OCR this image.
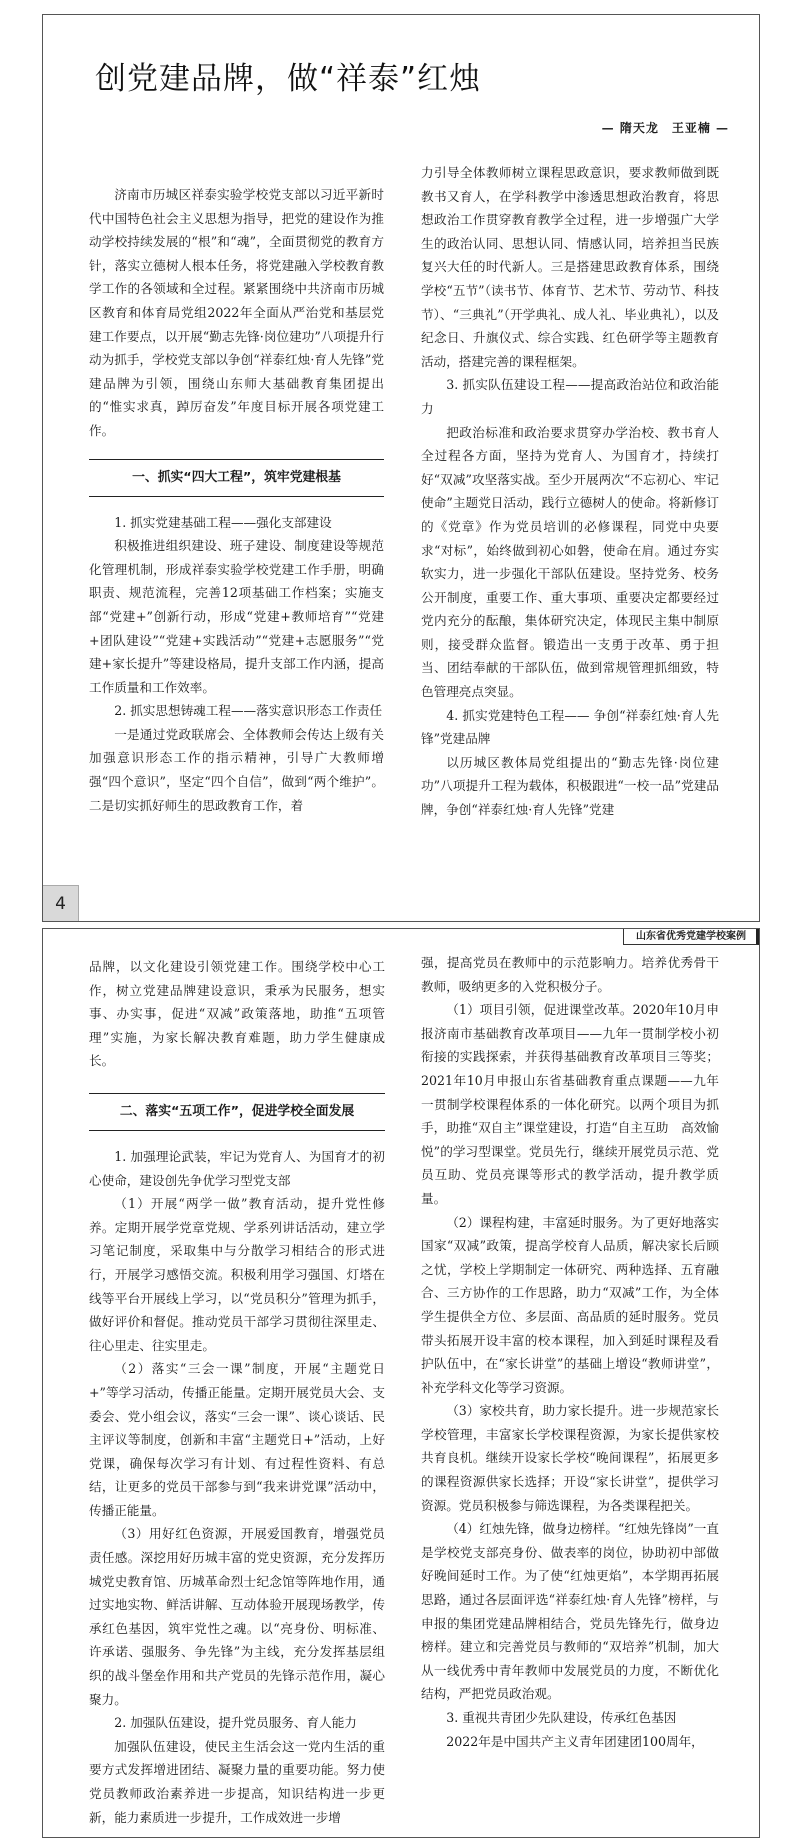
创党建品牌，做“祥泰”红烛
— 隋天龙　王亚楠 —

济南市历城区祥泰实验学校党支部以习近平新时代中国特色社会主义思想为指导，把党的建设作为推动学校持续发展的“根”和“魂”，全面贯彻党的教育方针，落实立德树人根本任务，将党建融入学校教育教学工作的各领域和全过程。紧紧围绕中共济南市历城区教育和体育局党组2022年全面从严治党和基层党建工作要点，以开展“勤志先锋·岗位建功”八项提升行动为抓手，学校党支部以争创“祥泰红烛·育人先锋”党建品牌为引领，围绕山东师大基础教育集团提出的“惟实求真，踔厉奋发”年度目标开展各项党建工作。

一、抓实“四大工程”，筑牢党建根基

1. 抓实党建基础工程——强化支部建设

积极推进组织建设、班子建设、制度建设等规范化管理机制，形成祥泰实验学校党建工作手册，明确职责、规范流程，完善12项基础工作档案；实施支部“党建+”创新行动，形成“党建+教师培育”“党建+团队建设”“党建+实践活动”“党建+志愿服务”“党建+家长提升”等建设格局，提升支部工作内涵，提高工作质量和工作效率。

2. 抓实思想铸魂工程——落实意识形态工作责任

一是通过党政联席会、全体教师会传达上级有关加强意识形态工作的指示精神，引导广大教师增强“四个意识”，坚定“四个自信”，做到“两个维护”。二是切实抓好师生的思政教育工作，着

力引导全体教师树立课程思政意识，要求教师做到既教书又育人，在学科教学中渗透思想政治教育，将思想政治工作贯穿教育教学全过程，进一步增强广大学生的政治认同、思想认同、情感认同，培养担当民族复兴大任的时代新人。三是搭建思政教育体系，围绕学校“五节”（读书节、体育节、艺术节、劳动节、科技节）、“三典礼”（开学典礼、成人礼、毕业典礼），以及纪念日、升旗仪式、综合实践、红色研学等主题教育活动，搭建完善的课程框架。

3. 抓实队伍建设工程——提高政治站位和政治能力

把政治标准和政治要求贯穿办学治校、教书育人全过程各方面，坚持为党育人、为国育才，持续打好“双减”攻坚落实战。至少开展两次“不忘初心、牢记使命”主题党日活动，践行立德树人的使命。将新修订的《党章》作为党员培训的必修课程，同党中央要求“对标”，始终做到初心如磐，使命在肩。通过夯实软实力，进一步强化干部队伍建设。坚持党务、校务公开制度，重要工作、重大事项、重要决定都要经过党内充分的酝酿，集体研究决定，体现民主集中制原则，接受群众监督。锻造出一支勇于改革、勇于担当、团结奉献的干部队伍，做到常规管理抓细致，特色管理亮点突显。

4. 抓实党建特色工程—— 争创“祥泰红烛·育人先锋”党建品牌

以历城区教体局党组提出的“勤志先锋·岗位建功”八项提升工程为载体，积极跟进“一校一品”党建品牌，争创“祥泰红烛·育人先锋”党建

4
山东省优秀党建学校案例

品牌，以文化建设引领党建工作。围绕学校中心工作，树立党建品牌建设意识，秉承为民服务，想实事、办实事，促进“双减”政策落地，助推“五项管理”实施，为家长解决教育难题，助力学生健康成长。

二、落实“五项工作”，促进学校全面发展

1. 加强理论武装，牢记为党育人、为国育才的初心使命，建设创先争优学习型党支部

（1）开展“两学一做”教育活动，提升党性修养。定期开展学党章党规、学系列讲话活动，建立学习笔记制度，采取集中与分散学习相结合的形式进行，开展学习感悟交流。积极利用学习强国、灯塔在线等平台开展线上学习，以“党员积分”管理为抓手，做好评价和督促。推动党员干部学习贯彻往深里走、往心里走、往实里走。

（2）落实“三会一课”制度，开展“主题党日+”等学习活动，传播正能量。定期开展党员大会、支委会、党小组会议，落实“三会一课”、谈心谈话、民主评议等制度，创新和丰富“主题党日+”活动，上好党课，确保每次学习有计划、有过程性资料、有总结，让更多的党员干部参与到“我来讲党课”活动中，传播正能量。

（3）用好红色资源，开展爱国教育，增强党员责任感。深挖用好历城丰富的党史资源，充分发挥历城党史教育馆、历城革命烈士纪念馆等阵地作用，通过实地实物、鲜活讲解、互动体验开展现场教学，传承红色基因，筑牢党性之魂。以“亮身份、明标准、许承诺、强服务、争先锋”为主线，充分发挥基层组织的战斗堡垒作用和共产党员的先锋示范作用，凝心聚力。

2. 加强队伍建设，提升党员服务、育人能力

加强队伍建设，使民主生活会这一党内生活的重要方式发挥增进团结、凝聚力量的重要功能。努力使党员教师政治素养进一步提高，知识结构进一步更新，能力素质进一步提升，工作成效进一步增

强，提高党员在教师中的示范影响力。培养优秀骨干教师，吸纳更多的入党积极分子。

（1）项目引领，促进课堂改革。2020年10月申报济南市基础教育改革项目——九年一贯制学校小初衔接的实践探索，并获得基础教育改革项目三等奖；2021年10月申报山东省基础教育重点课题——九年一贯制学校课程体系的一体化研究。以两个项目为抓手，助推“双自主”课堂建设，打造“自主互助　高效愉悦”的学习型课堂。党员先行，继续开展党员示范、党员互助、党员亮课等形式的教学活动，提升教学质量。

（2）课程构建，丰富延时服务。为了更好地落实国家“双减”政策，提高学校育人品质，解决家长后顾之忧，学校上学期制定一体研究、两种选择、五育融合、三方协作的工作思路，助力“双减”工作，为全体学生提供全方位、多层面、高品质的延时服务。党员带头拓展开设丰富的校本课程，加入到延时课程及看护队伍中，在“家长讲堂”的基础上增设“教师讲堂”，补充学科文化等学习资源。

（3）家校共育，助力家长提升。进一步规范家长学校管理，丰富家长学校课程资源，为家长提供家校共育良机。继续开设家长学校“晚间课程”，拓展更多的课程资源供家长选择；开设“家长讲堂”，提供学习资源。党员积极参与筛选课程，为各类课程把关。

（4）红烛先锋，做身边榜样。“红烛先锋岗”一直是学校党支部亮身份、做表率的岗位，协助初中部做好晚间延时工作。为了使“红烛更焰”，本学期再拓展思路，通过各层面评选“祥泰红烛·育人先锋”榜样，与申报的集团党建品牌相结合，党员先锋先行，做身边榜样。建立和完善党员与教师的“双培养”机制，加大从一线优秀中青年教师中发展党员的力度，不断优化结构，严把党员政治观。

3. 重视共青团少先队建设，传承红色基因

2022年是中国共产主义青年团建团100周年，
